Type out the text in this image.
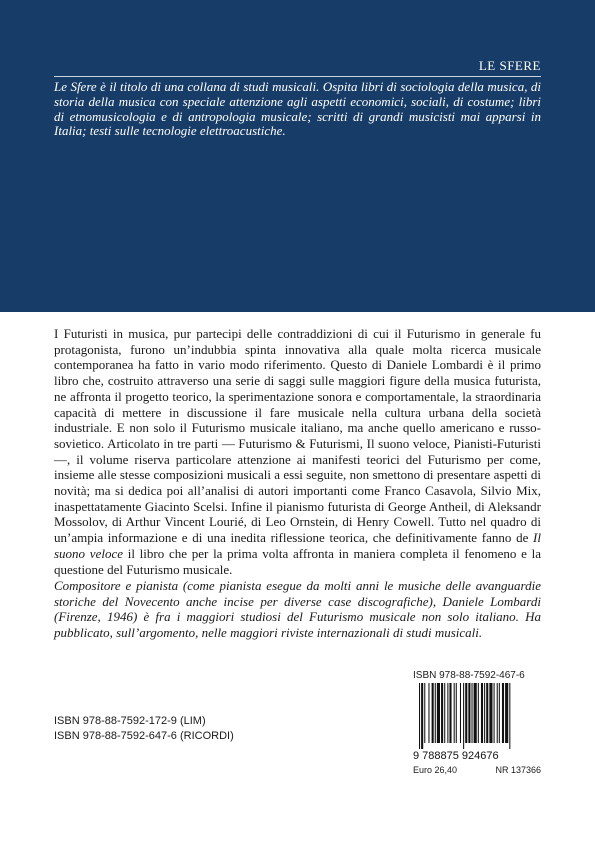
LE SFERE
Le Sfere è il titolo di una collana di studi musicali. Ospita libri di sociologia della musica, di storia della musica con speciale attenzione agli aspetti economici, sociali, di costume; libri di etnomusicologia e di antropologia musicale; scritti di grandi musicisti mai apparsi in Italia; testi sulle tecnologie elettroacustiche.
I Futuristi in musica, pur partecipi delle contraddizioni di cui il Futurismo in generale fu protagonista, furono un’indubbia spinta innovativa alla quale molta ricerca musicale contemporanea ha fatto in vario modo riferimento. Questo di Daniele Lombardi è il primo libro che, costruito attraverso una serie di saggi sulle maggiori figure della musica futurista, ne affronta il progetto teorico, la sperimentazione sonora e comportamentale, la straordinaria capacità di mettere in discussione il fare musicale nella cultura urbana della società industriale. E non solo il Futurismo musicale italiano, ma anche quello americano e russo-sovietico. Articolato in tre parti — Futurismo & Futurismi, Il suono veloce, Pianisti-Futuristi —, il volume riserva particolare attenzione ai manifesti teorici del Futurismo per come, insieme alle stesse composizioni musicali a essi seguite, non smettono di presentare aspetti di novità; ma si dedica poi all’analisi di autori importanti come Franco Casavola, Silvio Mix, inaspettatamente Giacinto Scelsi. Infine il pianismo futurista di George Antheil, di Aleksandr Mossolov, di Arthur Vincent Lourié, di Leo Ornstein, di Henry Cowell. Tutto nel quadro di un’ampia informazione e di una inedita riflessione teorica, che definitivamente fanno de Il suono veloce il libro che per la prima volta affronta in maniera completa il fenomeno e la questione del Futurismo musicale.
Compositore e pianista (come pianista esegue da molti anni le musiche delle avanguardie storiche del Novecento anche incise per diverse case discografiche), Daniele Lombardi (Firenze, 1946) è fra i maggiori studiosi del Futurismo musicale non solo italiano. Ha pubblicato, sull’argomento, nelle maggiori riviste internazionali di studi musicali.
ISBN 978-88-7592-172-9 (LIM)
ISBN 978-88-7592-647-6 (RICORDI)
ISBN 978-88-7592-467-6
9 788875 924676
Euro 26,40	NR 137366
